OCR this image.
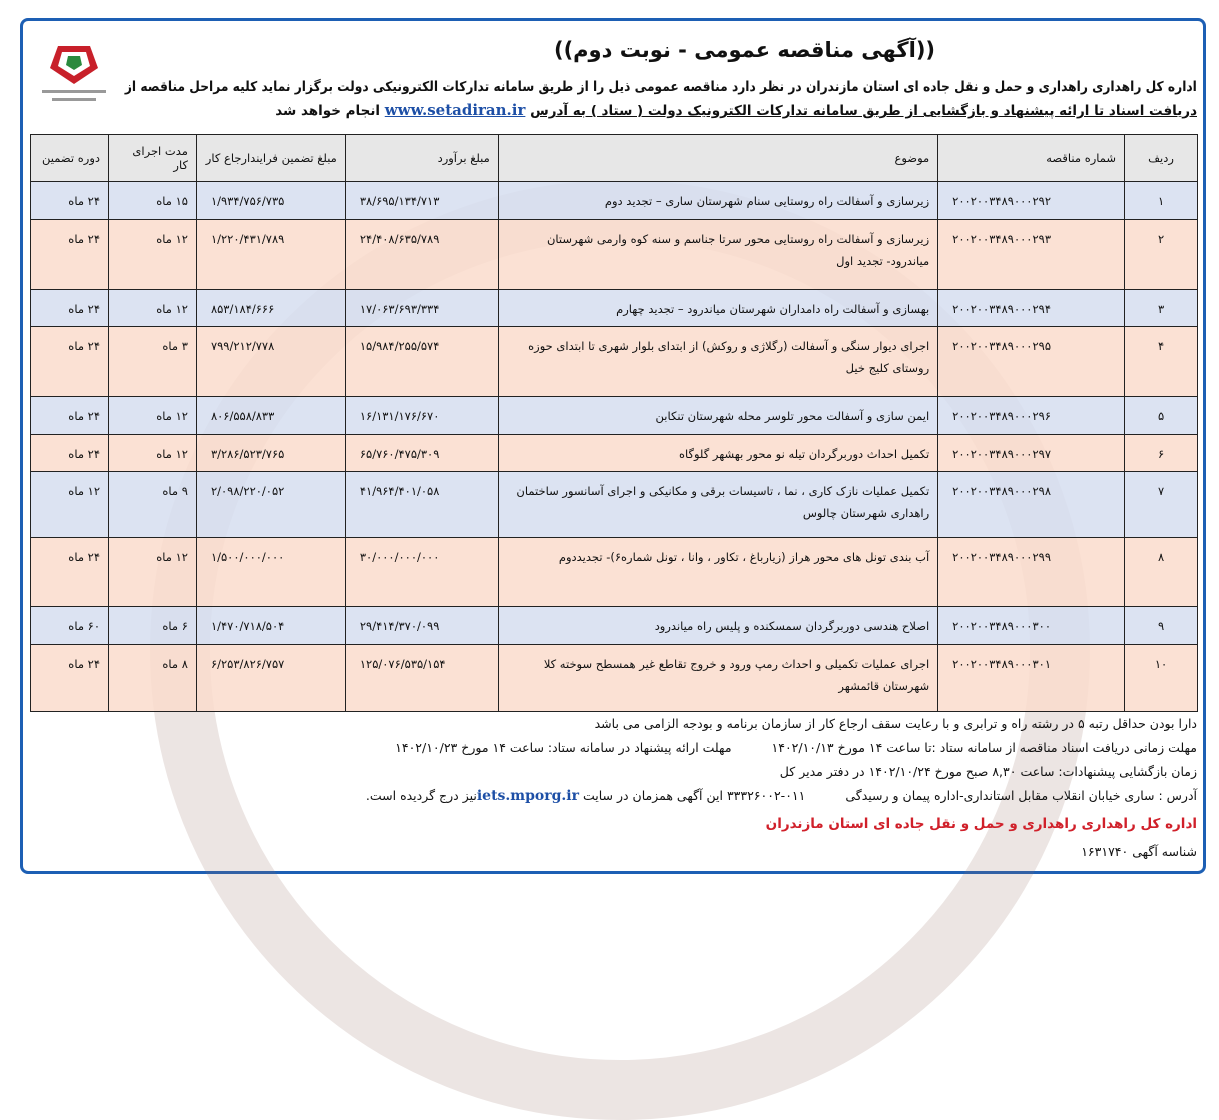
((آگهی مناقصه عمومی - نوبت دوم))
اداره کل راهداری راهداری و حمل و نقل جاده ای استان مازندران در نظر دارد مناقصه عمومی ذیل را از طریق سامانه تدارکات الکترونیکی دولت برگزار نماید کلیه مراحل مناقصه از
دریافت اسناد تا ارائه پیشنهاد و بازگشایی از طریق سامانه تدارکات الکترونیک دولت ( ستاد ) به آدرس www.setadiran.ir انجام خواهد شد
ردیف	شماره مناقصه	موضوع	مبلغ برآورد	مبلغ تضمین فرایندارجاع کار	مدت اجرای کار	دوره تضمین
۱	۲۰۰۲۰۰۳۴۸۹۰۰۰۲۹۲	زیرسازی و آسفالت راه روستایی سنام شهرستان ساری – تجدید دوم	۳۸/۶۹۵/۱۳۴/۷۱۳	۱/۹۳۴/۷۵۶/۷۳۵	۱۵ ماه	۲۴ ماه
۲	۲۰۰۲۰۰۳۴۸۹۰۰۰۲۹۳	زیرسازی و آسفالت راه روستایی محور سرتا جناسم و سنه کوه وارمی شهرستان میاندرود- تجدید اول	۲۴/۴۰۸/۶۳۵/۷۸۹	۱/۲۲۰/۴۳۱/۷۸۹	۱۲ ماه	۲۴ ماه
۳	۲۰۰۲۰۰۳۴۸۹۰۰۰۲۹۴	بهسازی و آسفالت راه دامداران شهرستان میاندرود – تجدید چهارم	۱۷/۰۶۳/۶۹۳/۳۳۴	۸۵۳/۱۸۴/۶۶۶	۱۲ ماه	۲۴ ماه
۴	۲۰۰۲۰۰۳۴۸۹۰۰۰۲۹۵	اجرای دیوار سنگی و آسفالت (رگلاژی و روکش) از ابتدای بلوار شهری تا ابتدای حوزه روستای کلیج خیل	۱۵/۹۸۴/۲۵۵/۵۷۴	۷۹۹/۲۱۲/۷۷۸	۳ ماه	۲۴ ماه
۵	۲۰۰۲۰۰۳۴۸۹۰۰۰۲۹۶	ایمن سازی و آسفالت محور تلوسر محله شهرستان تنکابن	۱۶/۱۳۱/۱۷۶/۶۷۰	۸۰۶/۵۵۸/۸۳۳	۱۲ ماه	۲۴ ماه
۶	۲۰۰۲۰۰۳۴۸۹۰۰۰۲۹۷	تکمیل احداث دوربرگردان تیله نو محور بهشهر گلوگاه	۶۵/۷۶۰/۴۷۵/۳۰۹	۳/۲۸۶/۵۲۳/۷۶۵	۱۲ ماه	۲۴ ماه
۷	۲۰۰۲۰۰۳۴۸۹۰۰۰۲۹۸	تکمیل عملیات نازک کاری ، نما ، تاسیسات برقی و مکانیکی و اجرای آسانسور ساختمان راهداری شهرستان چالوس	۴۱/۹۶۴/۴۰۱/۰۵۸	۲/۰۹۸/۲۲۰/۰۵۲	۹ ماه	۱۲ ماه
۸	۲۰۰۲۰۰۳۴۸۹۰۰۰۲۹۹	آب بندی تونل های محور هراز (زیارباغ ، تکاور ، وانا ، تونل شماره۶)- تجدیددوم	۳۰/۰۰۰/۰۰۰/۰۰۰	۱/۵۰۰/۰۰۰/۰۰۰	۱۲ ماه	۲۴ ماه
۹	۲۰۰۲۰۰۳۴۸۹۰۰۰۳۰۰	اصلاح هندسی دوربرگردان سمسکنده و پلیس راه میاندرود	۲۹/۴۱۴/۳۷۰/۰۹۹	۱/۴۷۰/۷۱۸/۵۰۴	۶ ماه	۶۰ ماه
۱۰	۲۰۰۲۰۰۳۴۸۹۰۰۰۳۰۱	اجرای عملیات تکمیلی و احداث رمپ ورود و خروج تقاطع غیر همسطح سوخته کلا شهرستان قائمشهر	۱۲۵/۰۷۶/۵۳۵/۱۵۴	۶/۲۵۳/۸۲۶/۷۵۷	۸ ماه	۲۴ ماه
دارا بودن حداقل رتبه ۵ در رشته راه و ترابری و با رعایت سقف ارجاع کار از سازمان برنامه و بودجه الزامی می باشد
مهلت زمانی دریافت اسناد مناقصه از سامانه ستاد :تا ساعت ۱۴ مورخ ۱۴۰۲/۱۰/۱۳مهلت ارائه پیشنهاد در سامانه ستاد: ساعت ۱۴ مورخ ۱۴۰۲/۱۰/۲۳
زمان بازگشایی پیشنهادات: ساعت ۸,۳۰ صبح مورخ ۱۴۰۲/۱۰/۲۴ در دفتر مدیر کل
آدرس : ساری خیابان انقلاب مقابل استانداری-اداره پیمان و رسیدگی۰۱۱-۳۳۳۲۶۰۰۲ این آگهی همزمان در سایت iets.mporg.irنیز درج گردیده است.
اداره کل راهداری راهداری و حمل و نقل جاده ای استان مازندران
شناسه آگهی ۱۶۳۱۷۴۰
